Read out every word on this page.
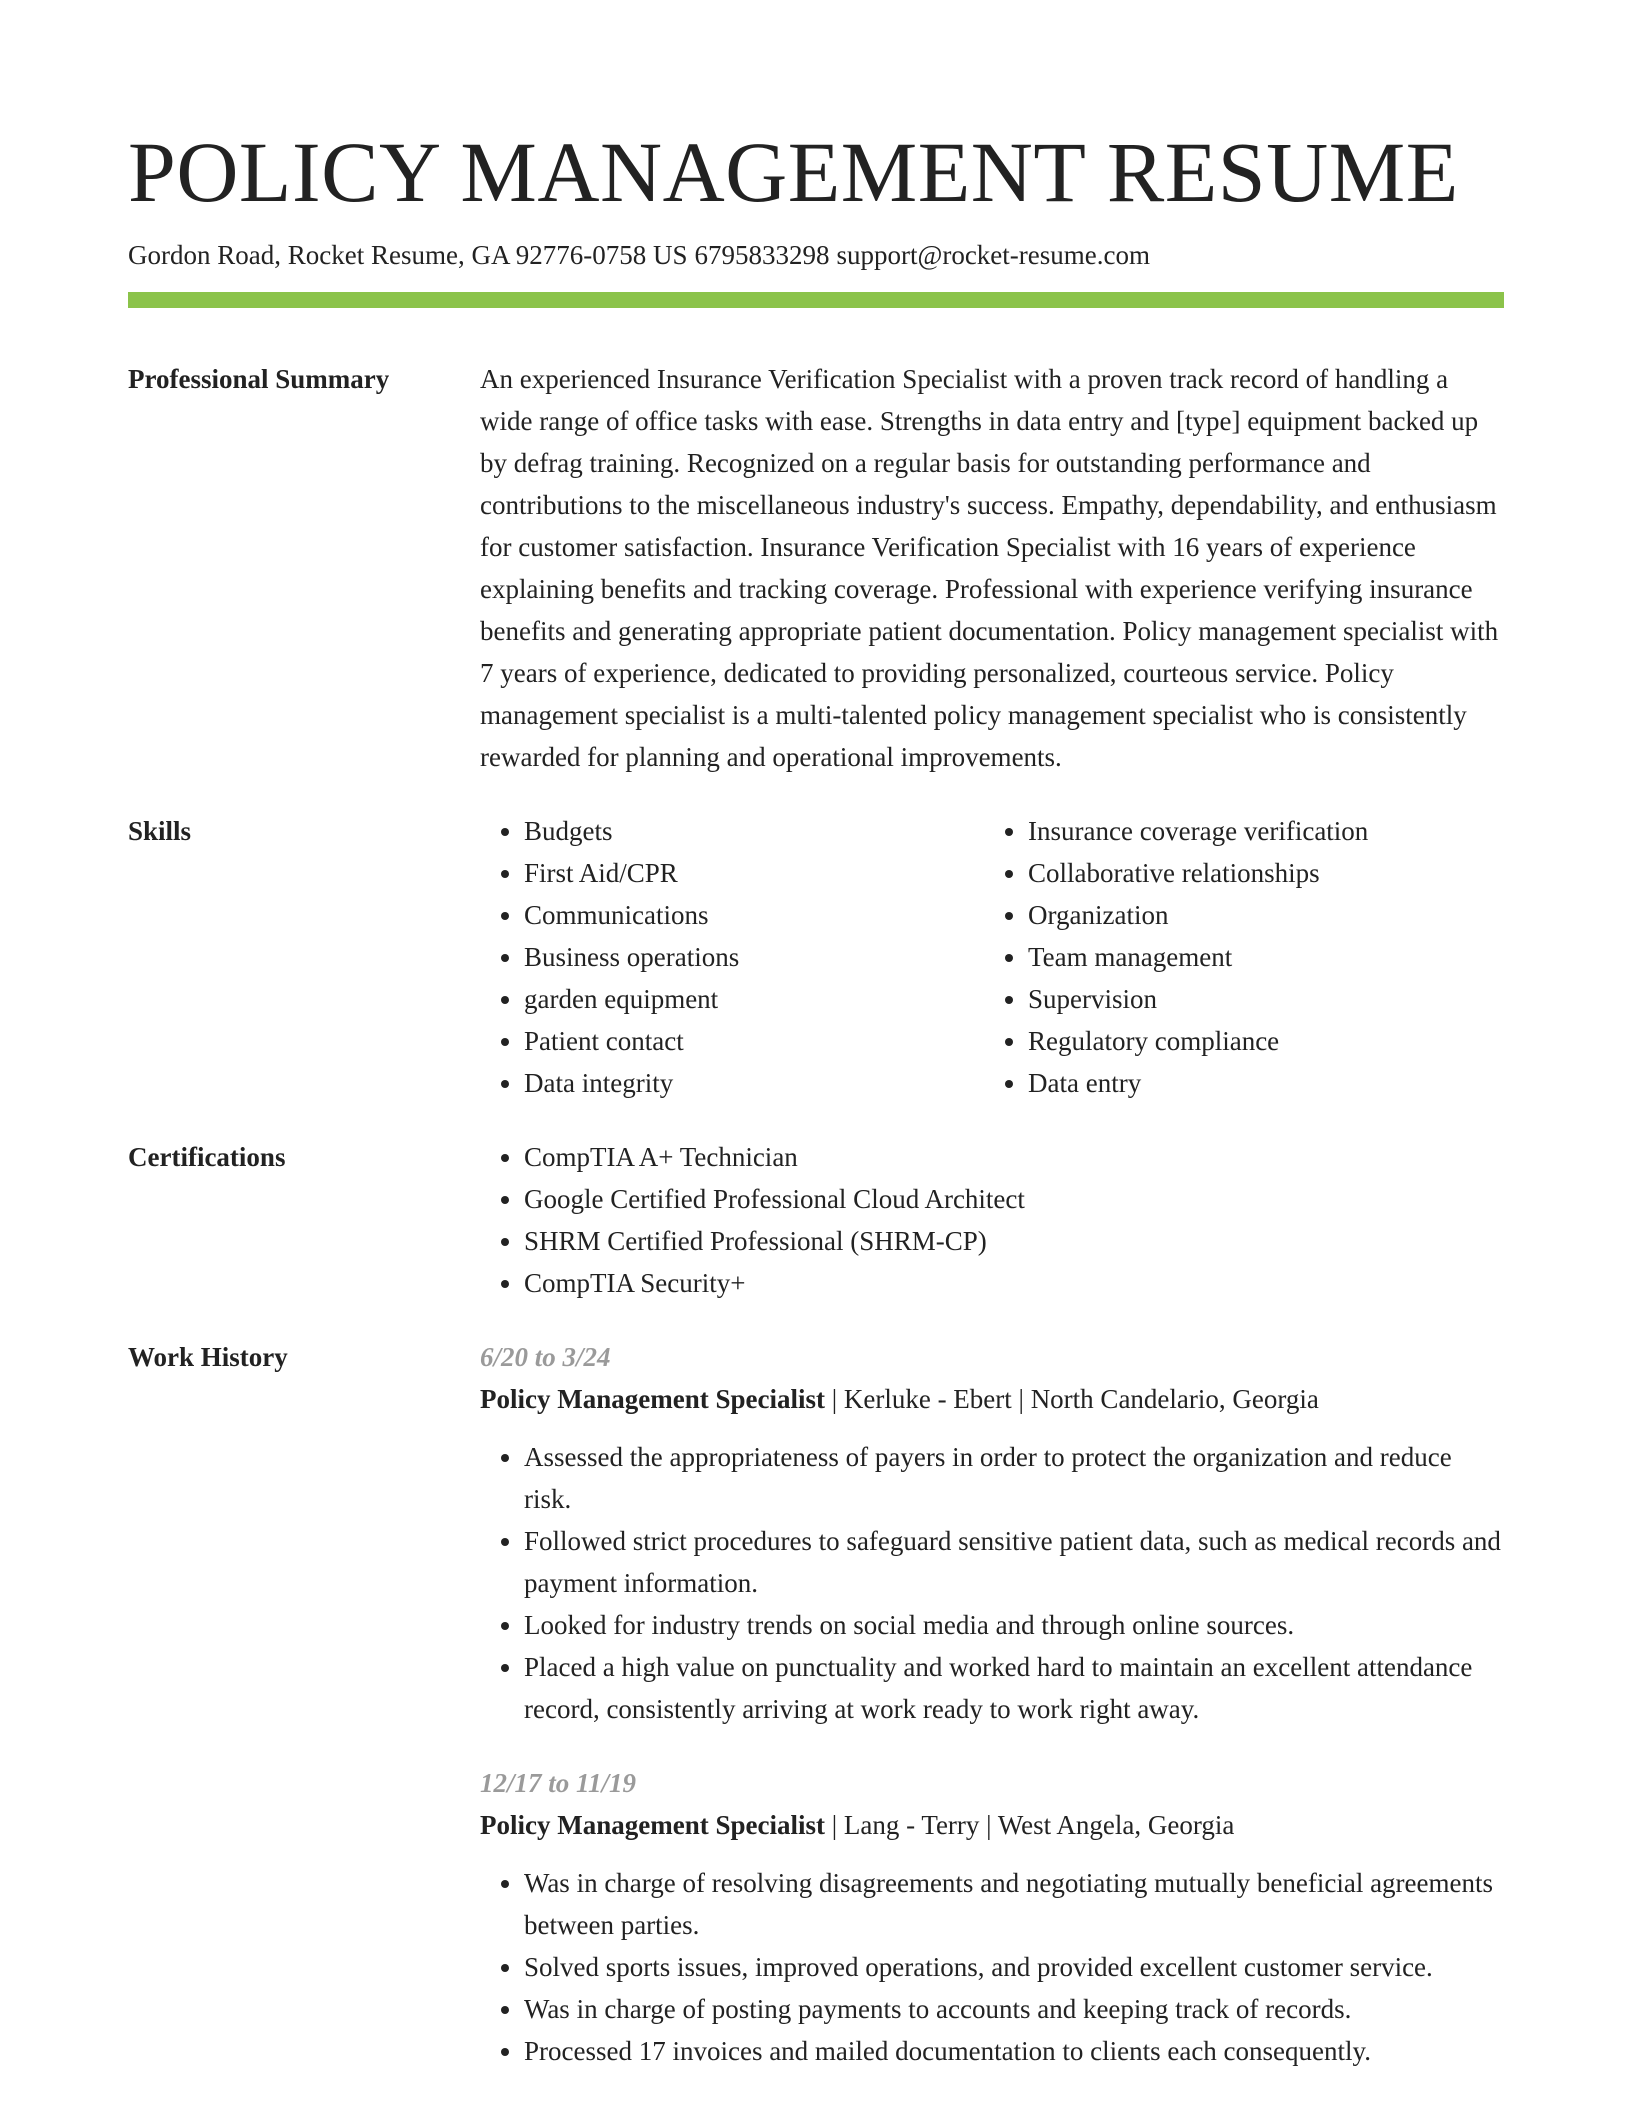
POLICY MANAGEMENT RESUME
Gordon Road, Rocket Resume, GA 92776-0758 US 6795833298 support@rocket-resume.com
Professional Summary	An experienced Insurance Verification Specialist with a proven track record of handling a wide range of office tasks with ease. Strengths in data entry and [type] equipment backed up by defrag training. Recognized on a regular basis for outstanding performance and contributions to the miscellaneous industry's success. Empathy, dependability, and enthusiasm for customer satisfaction. Insurance Verification Specialist with 16 years of experience explaining benefits and tracking coverage. Professional with experience verifying insurance benefits and generating appropriate patient documentation. Policy management specialist with 7 years of experience, dedicated to providing personalized, courteous service. Policy management specialist is a multi-talented policy management specialist who is consistently rewarded for planning and operational improvements.

Skills	• Budgets
• First Aid/CPR
• Communications
• Business operations
• garden equipment
• Patient contact
• Data integrity
• Insurance coverage verification
• Collaborative relationships
• Organization
• Team management
• Supervision
• Regulatory compliance
• Data entry
Certifications	• CompTIA A+ Technician
• Google Certified Professional Cloud Architect
• SHRM Certified Professional (SHRM-CP)
• CompTIA Security+
Work History	6/20 to 3/24
Policy Management Specialist | Kerluke - Ebert | North Candelario, Georgia
• Assessed the appropriateness of payers in order to protect the organization and reduce risk.
• Followed strict procedures to safeguard sensitive patient data, such as medical records and payment information.
• Looked for industry trends on social media and through online sources.
• Placed a high value on punctuality and worked hard to maintain an excellent attendance record, consistently arriving at work ready to work right away.
12/17 to 11/19
Policy Management Specialist | Lang - Terry | West Angela, Georgia
• Was in charge of resolving disagreements and negotiating mutually beneficial agreements between parties.
• Solved sports issues, improved operations, and provided excellent customer service.
• Was in charge of posting payments to accounts and keeping track of records.
• Processed 17 invoices and mailed documentation to clients each consequently.
